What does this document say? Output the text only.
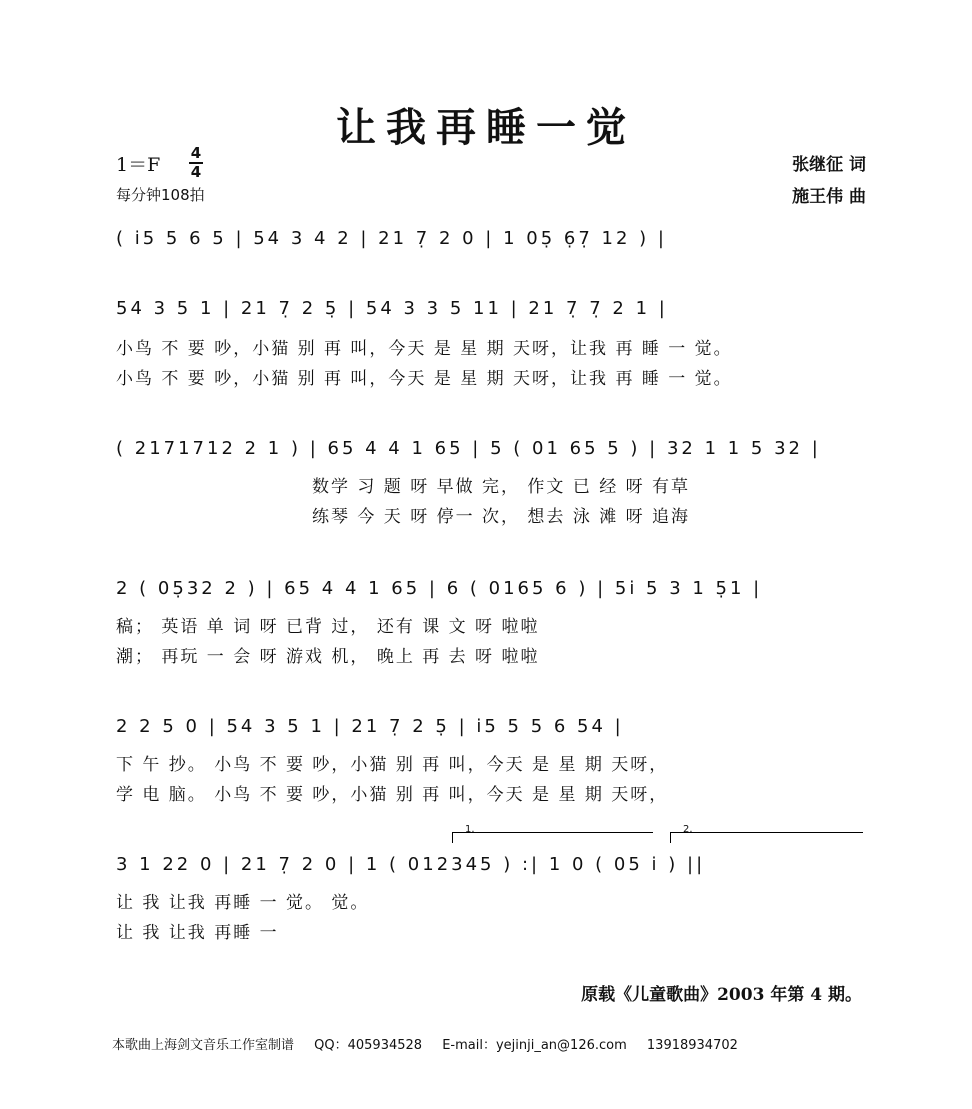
让我再睡一觉
1＝F
4
4
每分钟108拍
张继征 词
施王伟 曲
( i̇5 5 6 5 | 54 3 4 2 | 21 7̣ 2 0 | 1 05̣ 6̣7̣ 12 ) |
54 3 5 1 | 21 7̣ 2 5̣ | 54 3 3 5 11 | 21 7̣ 7̣ 2 1 |
小鸟 不 要 吵，小猫 别 再 叫，今天 是 星 期 天呀，让我 再 睡 一 觉。
小鸟 不 要 吵，小猫 别 再 叫，今天 是 星 期 天呀，让我 再 睡 一 觉。
( 2171712 2 1 ) | 65 4 4 1 65 | 5 ( 01 65 5 ) | 32 1 1 5 32 |
数学 习 题 呀 早做 完， 作文 已 经 呀 有草
练琴 今 天 呀 停一 次， 想去 泳 滩 呀 追海
2 ( 05̣32 2 ) | 65 4 4 1 65 | 6 ( 0165 6 ) | 5i̇ 5 3 1 5̣1 |
稿； 英语 单 词 呀 已背 过， 还有 课 文 呀 啦啦
潮； 再玩 一 会 呀 游戏 机， 晚上 再 去 呀 啦啦
2 2 5 0 | 54 3 5 1 | 21 7̣ 2 5̣ | i̇5 5 5 6 54 |
下 午 抄。 小鸟 不 要 吵，小猫 别 再 叫，今天 是 星 期 天呀，
学 电 脑。 小鸟 不 要 吵，小猫 别 再 叫，今天 是 星 期 天呀，
1.	2.
3 1 22 0 | 21 7̣ 2 0 | 1 ( 012345 ) :| 1 0 ( 05 i̇ ) ||
让 我 让我 再睡 一 觉。 觉。
让 我 让我 再睡 一
原载《儿童歌曲》2003 年第 4 期。
本歌曲上海剑文音乐工作室制谱 QQ：405934528 E-mail：yejinji_an@126.com 13918934702
